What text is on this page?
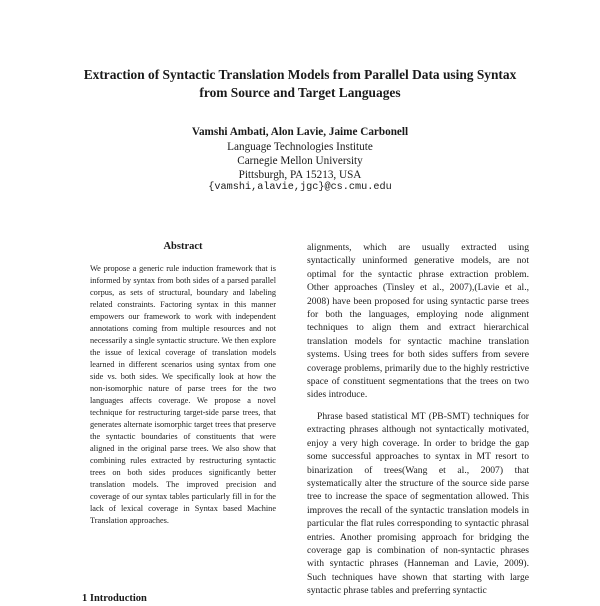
Extraction of Syntactic Translation Models from Parallel Data using Syntax
from Source and Target Languages
Vamshi Ambati, Alon Lavie, Jaime Carbonell
Language Technologies Institute
Carnegie Mellon University
Pittsburgh, PA 15213, USA
{vamshi,alavie,jgc}@cs.cmu.edu
Abstract

We propose a generic rule induction framework that is informed by syntax from both sides of a parsed parallel corpus, as sets of structural, boundary and labeling related constraints. Factoring syntax in this manner empowers our framework to work with independent annotations coming from multiple resources and not necessarily a single syntactic structure. We then explore the issue of lexical coverage of translation models learned in different scenarios using syntax from one side vs. both sides. We specifically look at how the non-isomorphic nature of parse trees for the two languages affects coverage. We propose a novel technique for restructuring target-side parse trees, that generates alternate isomorphic target trees that preserve the syntactic boundaries of constituents that were aligned in the original parse trees. We also show that combining rules extracted by restructuring syntactic trees on both sides produces significantly better translation models. The improved precision and coverage of our syntax tables particularly fill in for the lack of lexical coverage in Syntax based Machine Translation approaches.

1 Introduction

alignments, which are usually extracted using syntactically uninformed generative models, are not optimal for the syntactic phrase extraction problem. Other approaches (Tinsley et al., 2007),(Lavie et al., 2008) have been proposed for using syntactic parse trees for both the languages, employing node alignment techniques to align them and extract hierarchical translation models for syntactic machine translation systems. Using trees for both sides suffers from severe coverage problems, primarily due to the highly restrictive space of constituent segmentations that the trees on two sides introduce.

Phrase based statistical MT (PB-SMT) techniques for extracting phrases although not syntactically motivated, enjoy a very high coverage. In order to bridge the gap some successful approaches to syntax in MT resort to binarization of trees(Wang et al., 2007) that systematically alter the structure of the source side parse tree to increase the space of segmentation allowed. This improves the recall of the syntactic translation models in particular the flat rules corresponding to syntactic phrasal entries. Another promising approach for bridging the coverage gap is combination of non-syntactic phrases with syntactic phrases (Hanneman and Lavie, 2009). Such techniques have shown that starting with large syntactic phrase tables and preferring syntactic
